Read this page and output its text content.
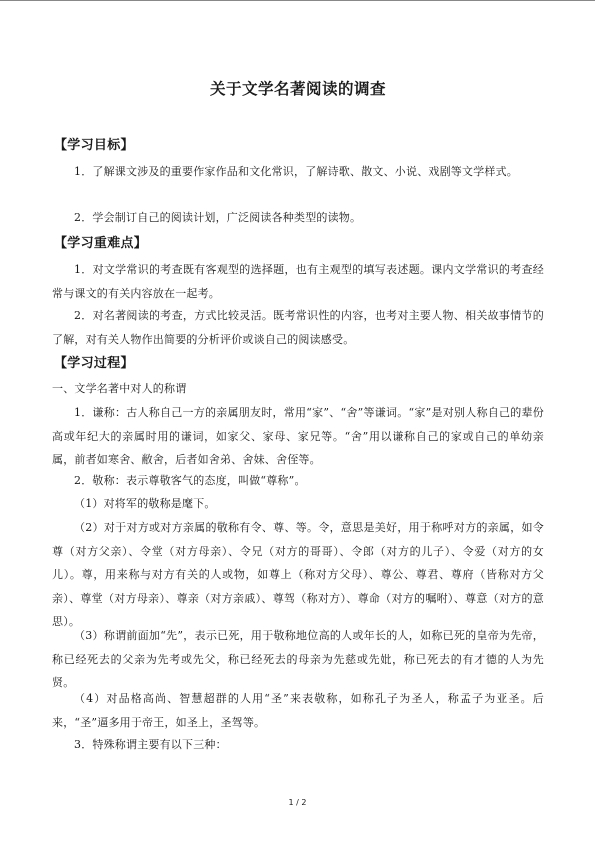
关于文学名著阅读的调查
【学习目标】
1．了解课文涉及的重要作家作品和文化常识，了解诗歌、散文、小说、戏剧等文学样式。
2．学会制订自己的阅读计划，广泛阅读各种类型的读物。
【学习重难点】
1．对文学常识的考查既有客观型的选择题，也有主观型的填写表述题。课内文学常识的考查经常与课文的有关内容放在一起考。
2．对名著阅读的考查，方式比较灵活。既考常识性的内容，也考对主要人物、相关故事情节的了解，对有关人物作出简要的分析评价或谈自己的阅读感受。
【学习过程】
一、文学名著中对人的称谓
1．谦称：古人称自己一方的亲属朋友时，常用“家”、“舍”等谦词。“家”是对别人称自己的辈份高或年纪大的亲属时用的谦词，如家父、家母、家兄等。“舍”用以谦称自己的家或自己的单幼亲属，前者如寒舍、敝舍，后者如舍弟、舍妹、舍侄等。
2．敬称：表示尊敬客气的态度，叫做“尊称”。
（1）对将军的敬称是麾下。
（2）对于对方或对方亲属的敬称有令、尊、等。令，意思是美好，用于称呼对方的亲属，如令尊（对方父亲）、令堂（对方母亲）、令兄（对方的哥哥）、令郎（对方的儿子）、令爱（对方的女儿）。尊，用来称与对方有关的人或物，如尊上（称对方父母）、尊公、尊君、尊府（皆称对方父亲）、尊堂（对方母亲）、尊亲（对方亲戚）、尊驾（称对方）、尊命（对方的嘱咐）、尊意（对方的意思）。
（3）称谓前面加“先”，表示已死，用于敬称地位高的人或年长的人，如称已死的皇帝为先帝，称已经死去的父亲为先考或先父，称已经死去的母亲为先慈或先妣，称已死去的有才德的人为先贤。
（4）对品格高尚、智慧超群的人用“圣”来表敬称，如称孔子为圣人，称孟子为亚圣。后来，“圣”逼多用于帝王，如圣上，圣驾等。
3．特殊称谓主要有以下三种：
1 / 2
